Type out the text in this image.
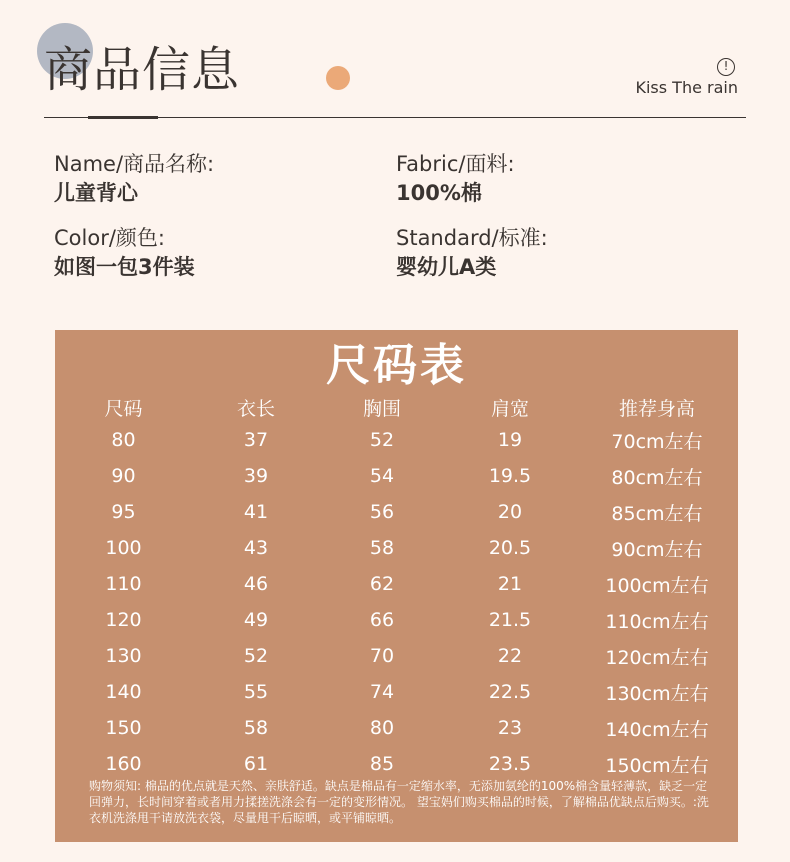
商品信息	!
Kiss The rain
Name/商品名称:
儿童背心
Fabric/面料:
100%棉
Color/颜色:
如图一包3件装
Standard/标准:
婴幼儿A类
尺码表
尺码	衣长	胸围	肩宽	推荐身高
80	37	52	19	70cm左右
90	39	54	19.5	80cm左右
95	41	56	20	85cm左右
100	43	58	20.5	90cm左右
110	46	62	21	100cm左右
120	49	66	21.5	110cm左右
130	52	70	22	120cm左右
140	55	74	22.5	130cm左右
150	58	80	23	140cm左右
160	61	85	23.5	150cm左右
购物须知: 棉品的优点就是天然、亲肤舒适。缺点是棉品有一定缩水率，无添加氨纶的100%棉含量轻薄款，缺乏一定回弹力，长时间穿着或者用力揉搓洗涤会有一定的变形情况。 望宝妈们购买棉品的时候，了解棉品优缺点后购买。:洗衣机洗涤甩干请放洗衣袋，尽量甩干后晾晒，或平铺晾晒。
